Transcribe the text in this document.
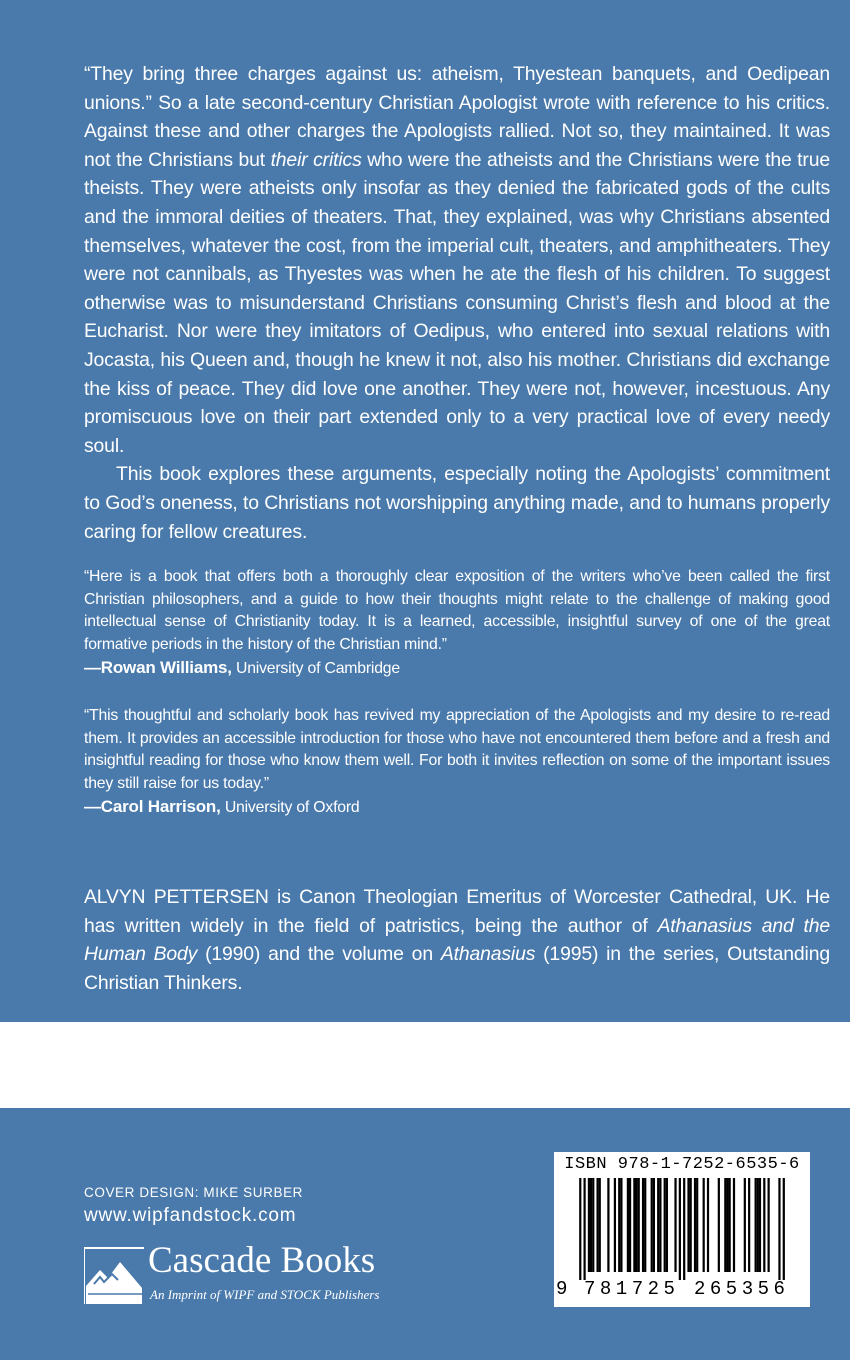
“They bring three charges against us: atheism, Thyestean banquets, and Oedipean unions.” So a late second-century Christian Apologist wrote with reference to his critics. Against these and other charges the Apologists rallied. Not so, they maintained. It was not the Christians but their critics who were the atheists and the Christians were the true theists. They were atheists only insofar as they denied the fabricated gods of the cults and the immoral deities of theaters. That, they explained, was why Christians absented themselves, whatever the cost, from the imperial cult, theaters, and amphitheaters. They were not cannibals, as Thyestes was when he ate the flesh of his children. To suggest otherwise was to misunderstand Christians consuming Christ’s flesh and blood at the Eucharist. Nor were they imitators of Oedipus, who entered into sexual relations with Jocasta, his Queen and, though he knew it not, also his mother. Christians did exchange the kiss of peace. They did love one another. They were not, however, incestuous. Any promiscuous love on their part extended only to a very practical love of every needy soul.

This book explores these arguments, especially noting the Apologists’ commitment to God’s oneness, to Christians not worshipping anything made, and to humans properly caring for fellow creatures.

“Here is a book that offers both a thoroughly clear exposition of the writers who’ve been called the first Christian philosophers, and a guide to how their thoughts might relate to the challenge of making good intellectual sense of Christianity today. It is a learned, accessible, insightful survey of one of the great formative periods in the history of the Christian mind.”

—Rowan Williams, University of Cambridge

“This thoughtful and scholarly book has revived my appreciation of the Apologists and my desire to re-read them. It provides an accessible introduction for those who have not encountered them before and a fresh and insightful reading for those who know them well. For both it invites reflection on some of the important issues they still raise for us today.”

—Carol Harrison, University of Oxford

ALVYN PETTERSEN is Canon Theologian Emeritus of Worcester Cathedral, UK. He has written widely in the field of patristics, being the author of Athanasius and the Human Body (1990) and the volume on Athanasius (1995) in the series, Outstanding Christian Thinkers.

COVER DESIGN: MIKE SURBER
www.wipfandstock.com
Cascade Books
An Imprint of WIPF and STOCK Publishers
ISBN 978-1-7252-6535-6
9 781725 265356
